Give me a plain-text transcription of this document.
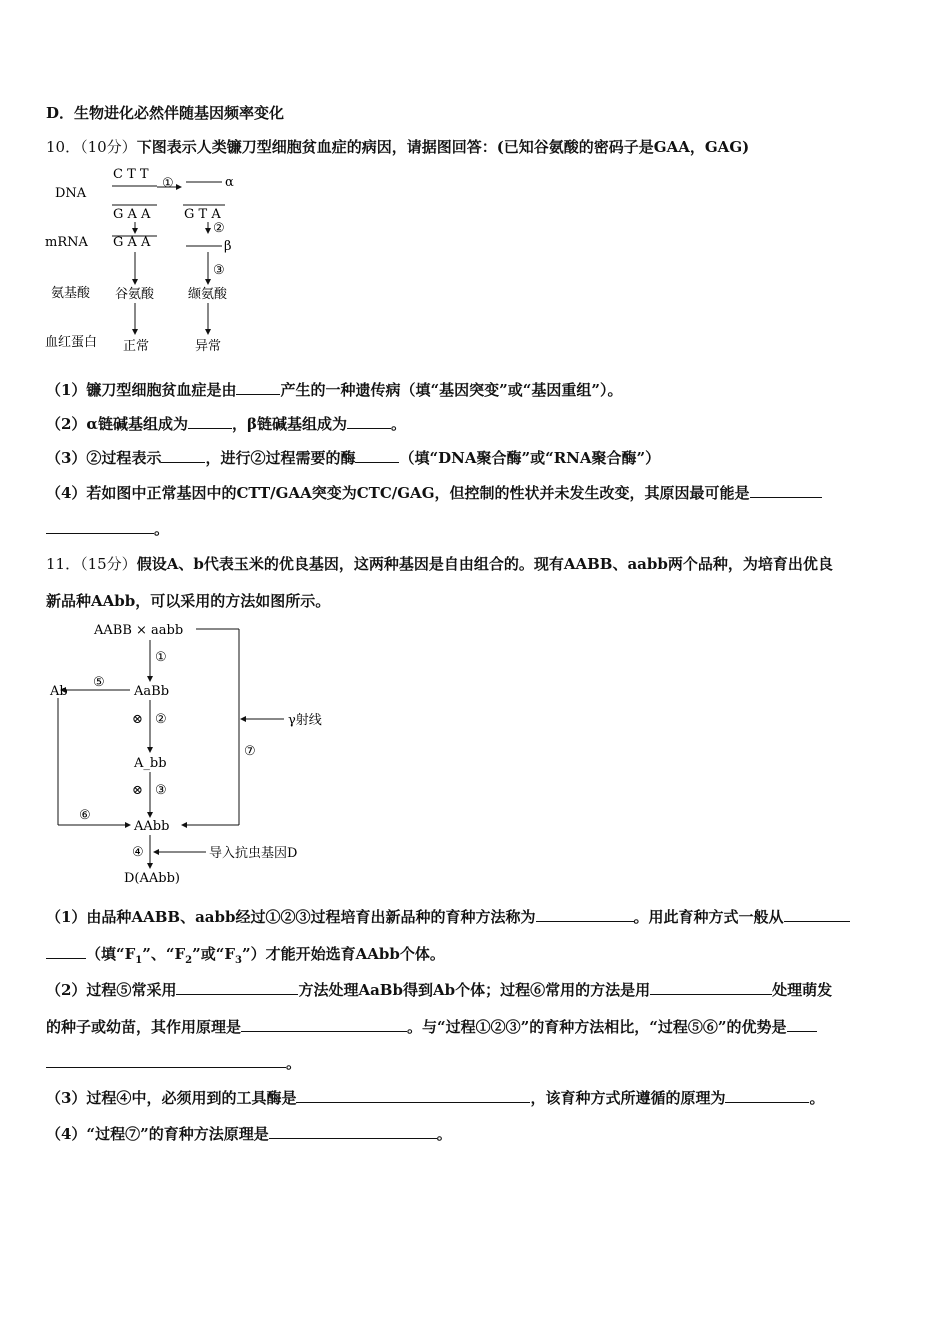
D．生物进化必然伴随基因频率变化
10．（10分）下图表示人类镰刀型细胞贫血症的病因，请据图回答：(已知谷氨酸的密码子是GAA，GAG)
DNA
mRNA
氨基酸
血红蛋白
C T T
G A A
①	α
G T A
②
G A A	β
③
谷氨酸	缬氨酸
正常	异常
（1）镰刀型细胞贫血症是由	产生的一种遗传病（填“基因突变”或“基因重组”）。
（2）α链碱基组成为	，β链碱基组成为	。
（3）②过程表示	，进行②过程需要的酶	（填“DNA聚合酶”或“RNA聚合酶”）
（4）若如图中正常基因中的CTT/GAA突变为CTC/GAG，但控制的性状并未发生改变，其原因最可能是
。
11．（15分）假设A、b代表玉米的优良基因，这两种基因是自由组合的。现有AABB、aabb两个品种，为培育出优良
新品种AAbb，可以采用的方法如图所示。
AABB × aabb
γ射线
⑦
①
AaBb
⑤
Ab
⑥
⊗ ②
A_bb
⊗ ③
AAbb
④	导入抗虫基因D
D(AAbb)
（1）由品种AABB、aabb经过①②③过程培育出新品种的育种方法称为	。用此育种方式一般从
（填“$F_1$”、“$F_2$”或“$F_3$”）才能开始选育AAbb个体。
（2）过程⑤常采用	方法处理AaBb得到Ab个体；过程⑥常用的方法是用	处理萌发
的种子或幼苗，其作用原理是	。与“过程①②③”的育种方法相比，“过程⑤⑥”的优势是
。
（3）过程④中，必须用到的工具酶是	，该育种方式所遵循的原理为	。
（4）“过程⑦”的育种方法原理是	。
